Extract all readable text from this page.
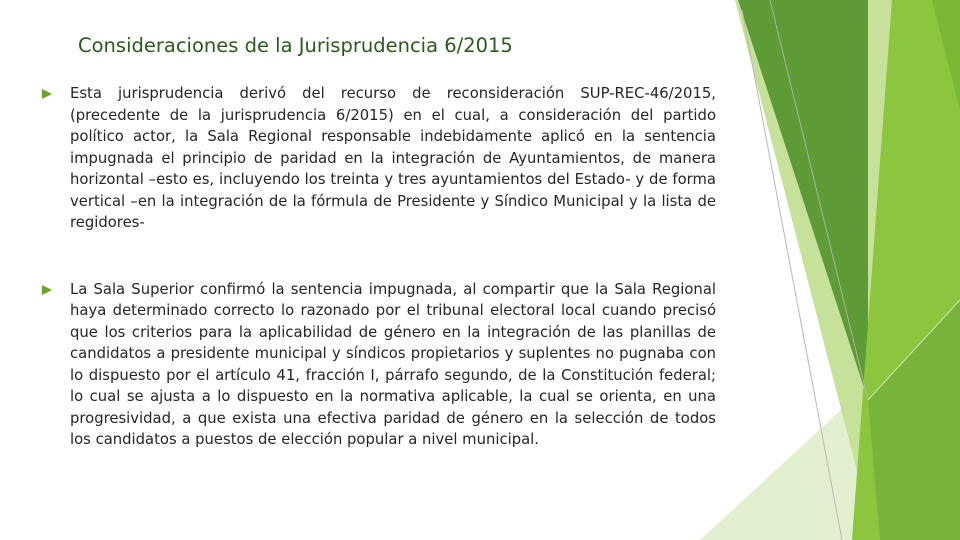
Consideraciones de la Jurisprudencia 6/2015
Esta jurisprudencia derivó del recurso de reconsideración SUP-REC-46/2015, (precedente de la jurisprudencia 6/2015) en el cual, a consideración del partido político actor, la Sala Regional responsable indebidamente aplicó en la sentencia impugnada el principio de paridad en la integración de Ayuntamientos, de manera horizontal –esto es, incluyendo los treinta y tres ayuntamientos del Estado- y de forma vertical –en la integración de la fórmula de Presidente y Síndico Municipal y la lista de regidores-
La Sala Superior confirmó la sentencia impugnada, al compartir que la Sala Regional haya determinado correcto lo razonado por el tribunal electoral local cuando precisó que los criterios para la aplicabilidad de género en la integración de las planillas de candidatos a presidente municipal y síndicos propietarios y suplentes no pugnaba con lo dispuesto por el artículo 41, fracción I, párrafo segundo, de la Constitución federal; lo cual se ajusta a lo dispuesto en la normativa aplicable, la cual se orienta, en una progresividad, a que exista una efectiva paridad de género en la selección de todos los candidatos a puestos de elección popular a nivel municipal.
